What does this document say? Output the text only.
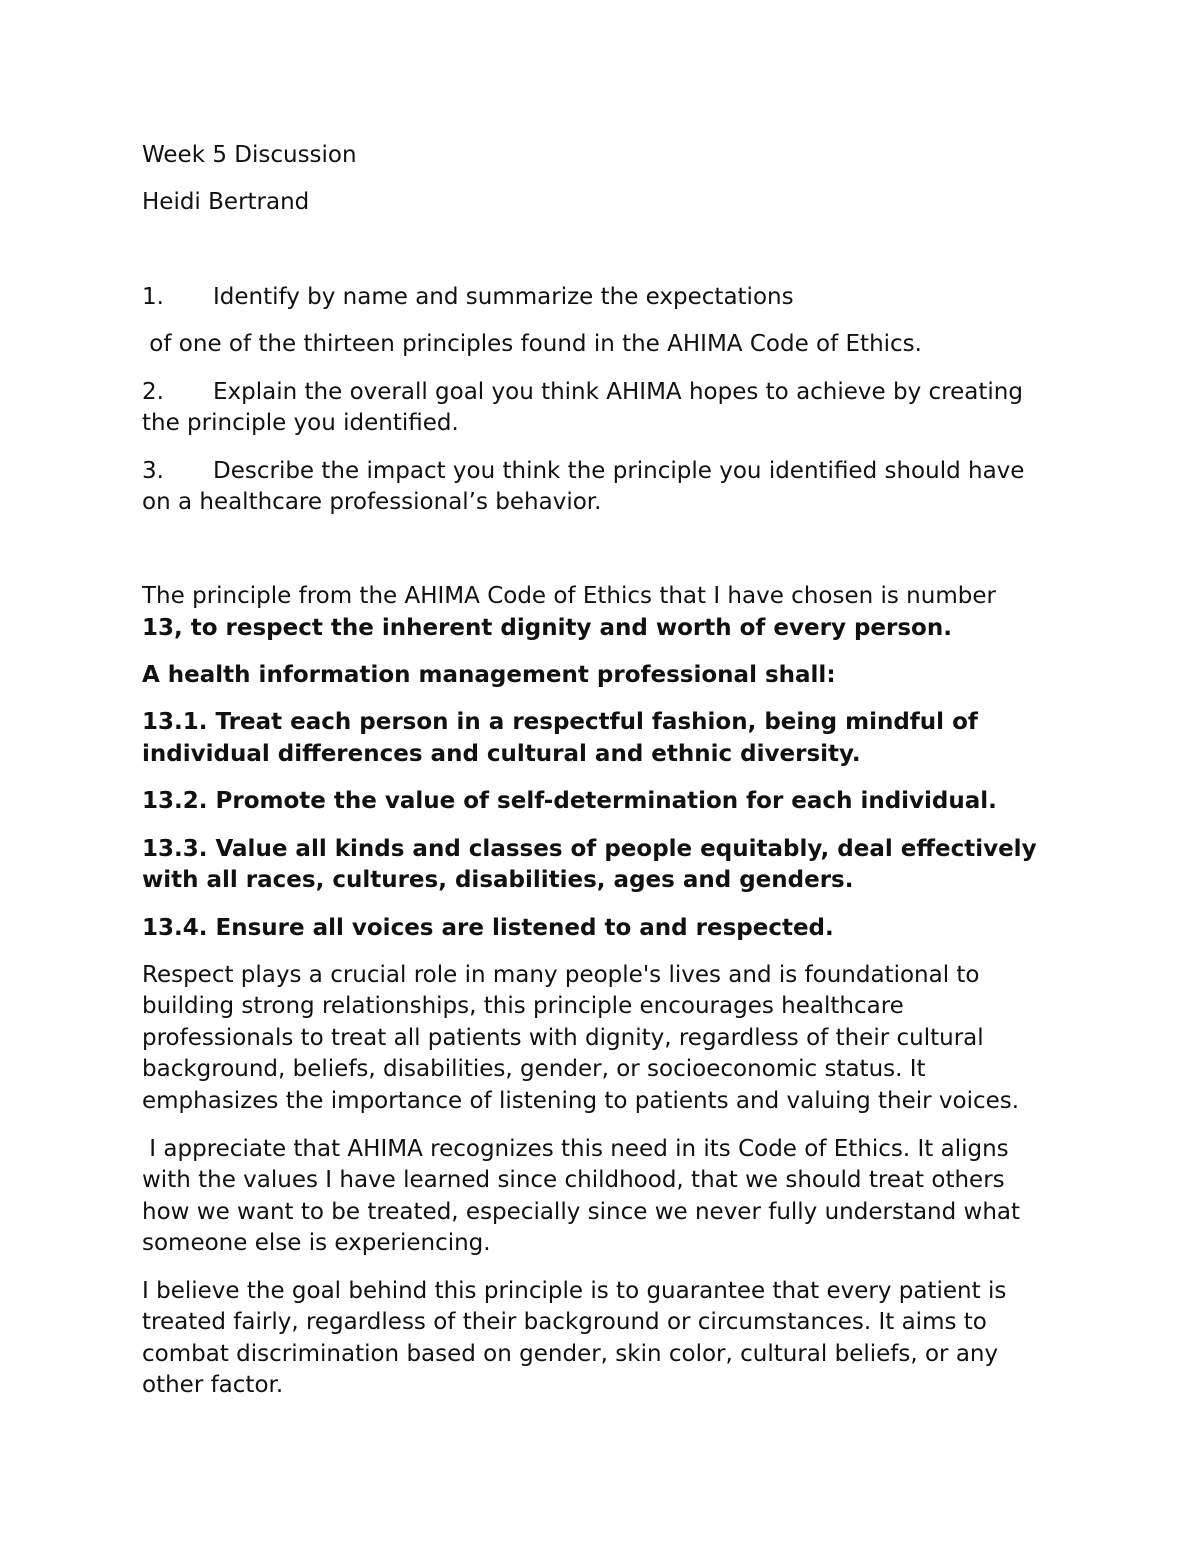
Week 5 Discussion
Heidi Bertrand
1. Identify by name and summarize the expectations
of one of the thirteen principles found in the AHIMA Code of Ethics.
2. Explain the overall goal you think AHIMA hopes to achieve by creating
the principle you identified.
3. Describe the impact you think the principle you identified should have
on a healthcare professional’s behavior.
The principle from the AHIMA Code of Ethics that I have chosen is number
13, to respect the inherent dignity and worth of every person.
A health information management professional shall:
13.1. Treat each person in a respectful fashion, being mindful of
individual differences and cultural and ethnic diversity.
13.2. Promote the value of self-determination for each individual.
13.3. Value all kinds and classes of people equitably, deal effectively
with all races, cultures, disabilities, ages and genders.
13.4. Ensure all voices are listened to and respected.
Respect plays a crucial role in many people's lives and is foundational to
building strong relationships, this principle encourages healthcare
professionals to treat all patients with dignity, regardless of their cultural
background, beliefs, disabilities, gender, or socioeconomic status. It
emphasizes the importance of listening to patients and valuing their voices.
I appreciate that AHIMA recognizes this need in its Code of Ethics. It aligns
with the values I have learned since childhood, that we should treat others
how we want to be treated, especially since we never fully understand what
someone else is experiencing.
I believe the goal behind this principle is to guarantee that every patient is
treated fairly, regardless of their background or circumstances. It aims to
combat discrimination based on gender, skin color, cultural beliefs, or any
other factor.
